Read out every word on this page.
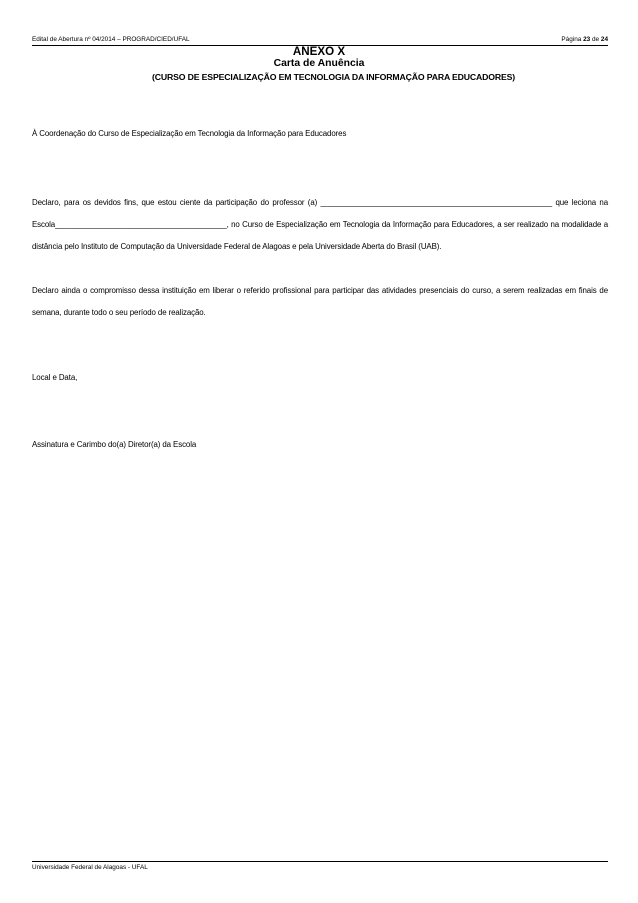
Edital de Abertura nº 04/2014 – PROGRAD/CIED/UFAL	Página 23 de 24
ANEXO X
Carta de Anuência
(CURSO DE ESPECIALIZAÇÃO EM TECNOLOGIA DA INFORMAÇÃO PARA EDUCADORES)
À Coordenação do Curso de Especialização em Tecnologia da Informação para Educadores
Declaro, para os devidos fins, que estou ciente da participação do professor (a) ______________________________________________________ que leciona na
Escola________________________________________, no Curso de Especialização em Tecnologia da Informação para Educadores, a ser realizado na modalidade a
distância pelo Instituto de Computação da Universidade Federal de Alagoas e pela Universidade Aberta do Brasil (UAB).
Declaro ainda o compromisso dessa instituição em liberar o referido profissional para participar das atividades presenciais do curso, a serem realizadas em finais de
semana, durante todo o seu período de realização.
Local e Data,
Assinatura e Carimbo do(a) Diretor(a) da Escola
Universidade Federal de Alagoas - UFAL
